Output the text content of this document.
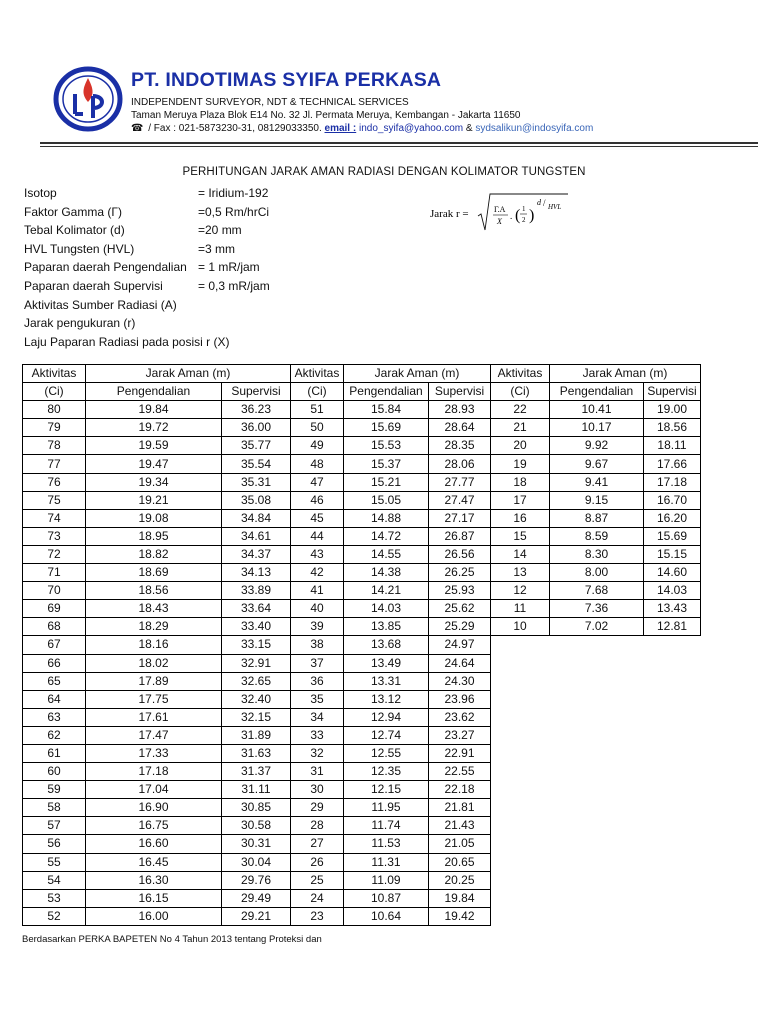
PT. INDOTIMAS SYIFA PERKASA
INDEPENDENT SURVEYOR, NDT & TECHNICAL SERVICES
Taman Meruya Plaza Blok E14 No. 32 Jl. Permata Meruya, Kembangan - Jakarta 11650
☎ / Fax : 021-5873230-31, 08129033350. email : indo_syifa@yahoo.com & sydsalikun@indosyifa.com
PERHITUNGAN JARAK AMAN RADIASI DENGAN KOLIMATOR TUNGSTEN
Isotop	= Iridium-192
Faktor Gamma (Γ)	=0,5 Rm/hrCi
Tebal Kolimator (d)	=20 mm
HVL Tungsten (HVL)	=3 mm
Paparan daerah Pengendalian = 1 mR/jam
Paparan daerah Supervisi	= 0,3 mR/jam
Aktivitas Sumber Radiasi (A)
Jarak pengukuran (r)
Laju Paparan Radiasi pada posisi r (X)
Jarak r =	Γ.A
X
. ( 1
2 )
d / HVL
Aktivitas	Jarak Aman (m)		Aktivitas	Jarak Aman (m)		Aktivitas	Jarak Aman (m)	
(Ci)	Pengendalian	Supervisi	(Ci)	Pengendalian	Supervisi	(Ci)	Pengendalian	Supervisi
80	19.84	36.23	51	15.84	28.93	22	10.41	19.00
79	19.72	36.00	50	15.69	28.64	21	10.17	18.56
78	19.59	35.77	49	15.53	28.35	20	9.92	18.11
77	19.47	35.54	48	15.37	28.06	19	9.67	17.66
76	19.34	35.31	47	15.21	27.77	18	9.41	17.18
75	19.21	35.08	46	15.05	27.47	17	9.15	16.70
74	19.08	34.84	45	14.88	27.17	16	8.87	16.20
73	18.95	34.61	44	14.72	26.87	15	8.59	15.69
72	18.82	34.37	43	14.55	26.56	14	8.30	15.15
71	18.69	34.13	42	14.38	26.25	13	8.00	14.60
70	18.56	33.89	41	14.21	25.93	12	7.68	14.03
69	18.43	33.64	40	14.03	25.62	11	7.36	13.43
68	18.29	33.40	39	13.85	25.29	10	7.02	12.81
67	18.16	33.15	38	13.68	24.97			
66	18.02	32.91	37	13.49	24.64			
65	17.89	32.65	36	13.31	24.30			
64	17.75	32.40	35	13.12	23.96			
63	17.61	32.15	34	12.94	23.62			
62	17.47	31.89	33	12.74	23.27			
61	17.33	31.63	32	12.55	22.91			
60	17.18	31.37	31	12.35	22.55			
59	17.04	31.11	30	12.15	22.18			
58	16.90	30.85	29	11.95	21.81			
57	16.75	30.58	28	11.74	21.43			
56	16.60	30.31	27	11.53	21.05			
55	16.45	30.04	26	11.31	20.65			
54	16.30	29.76	25	11.09	20.25			
53	16.15	29.49	24	10.87	19.84			
52	16.00	29.21	23	10.64	19.42			
Berdasarkan PERKA BAPETEN No 4 Tahun 2013 tentang Proteksi dan
